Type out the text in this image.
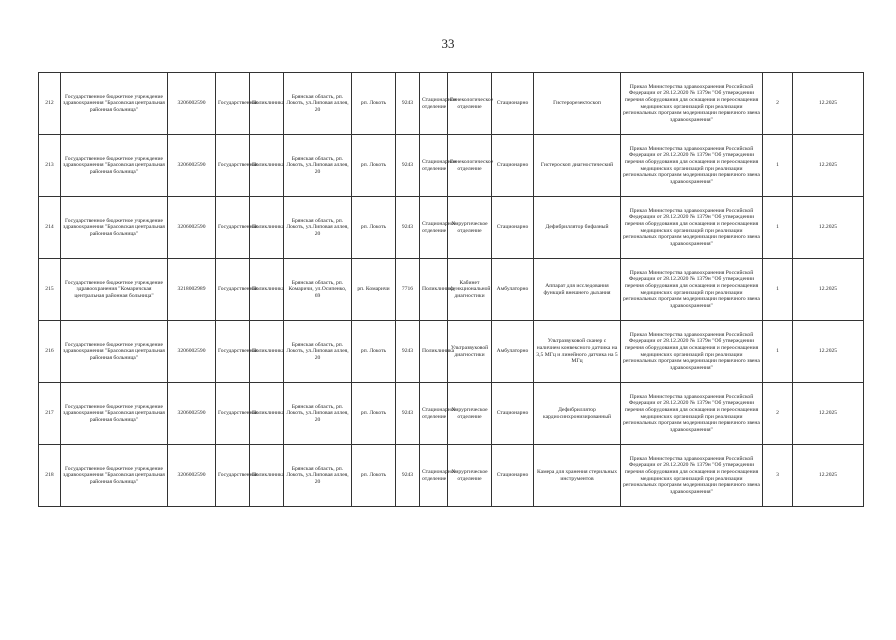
33
212	Государственное бюджетное учреждение здравоохранения "Брасовская центральная районная больница"	3206002590	Государственная	Поликлиника	Брянская область, рп. Локоть, ул.Липовая аллея, 20	рп. Локоть	9243	Стационарное отделение	Гинекологическое отделение	Стационарно	Гистерорезектоскоп	Приказ Министерства здравоохранения Российской Федерации от 28.12.2020 № 1379н "Об утверждении перечня оборудования для оснащения и переоснащения медицинских организаций при реализации региональных программ модернизации первичного звена здравоохранения"	2	12.2025
213	Государственное бюджетное учреждение здравоохранения "Брасовская центральная районная больница"	3206002590	Государственная	Поликлиника	Брянская область, рп. Локоть, ул.Липовая аллея, 20	рп. Локоть	9243	Стационарное отделение	Гинекологическое отделение	Стационарно	Гистероскоп диагностический	Приказ Министерства здравоохранения Российской Федерации от 28.12.2020 № 1379н "Об утверждении перечня оборудования для оснащения и переоснащения медицинских организаций при реализации региональных программ модернизации первичного звена здравоохранения"	1	12.2025
214	Государственное бюджетное учреждение здравоохранения "Брасовская центральная районная больница"	3206002590	Государственная	Поликлиника	Брянская область, рп. Локоть, ул.Липовая аллея, 20	рп. Локоть	9243	Стационарное отделение	Хирургическое отделение	Стационарно	Дефибриллятор бифазный	Приказ Министерства здравоохранения Российской Федерации от 28.12.2020 № 1379н "Об утверждении перечня оборудования для оснащения и переоснащения медицинских организаций при реализации региональных программ модернизации первичного звена здравоохранения"	1	12.2025
215	Государственное бюджетное учреждение здравоохранения "Комаричская центральная районная больница"	3218002989	Государственная	Поликлиника	Брянская область, рп. Комаричи, ул.Осипенко, 69	рп. Комаричи	7716	Поликлиника	Кабинет функциональной диагностики	Амбулаторно	Аппарат для исследования функций внешнего дыхания	Приказ Министерства здравоохранения Российской Федерации от 28.12.2020 № 1379н "Об утверждении перечня оборудования для оснащения и переоснащения медицинских организаций при реализации региональных программ модернизации первичного звена здравоохранения"	1	12.2025
216	Государственное бюджетное учреждение здравоохранения "Брасовская центральная районная больница"	3206002590	Государственная	Поликлиника	Брянская область, рп. Локоть, ул.Липовая аллея, 20	рп. Локоть	9243	Поликлиника	Ультразвуковой диагностики	Амбулаторно	Ультразвуковой сканер с наличием конвексного датчика на 3,5 МГц и линейного датчика на 5 МГц	Приказ Министерства здравоохранения Российской Федерации от 28.12.2020 № 1379н "Об утверждении перечня оборудования для оснащения и переоснащения медицинских организаций при реализации региональных программ модернизации первичного звена здравоохранения"	1	12.2025
217	Государственное бюджетное учреждение здравоохранения "Брасовская центральная районная больница"	3206002590	Государственная	Поликлиника	Брянская область, рп. Локоть, ул.Липовая аллея, 20	рп. Локоть	9243	Стационарное отделение	Хирургическое отделение	Стационарно	Дефибриллятор кардиосинхронизированный	Приказ Министерства здравоохранения Российской Федерации от 28.12.2020 № 1379н "Об утверждении перечня оборудования для оснащения и переоснащения медицинских организаций при реализации региональных программ модернизации первичного звена здравоохранения"	2	12.2025
218	Государственное бюджетное учреждение здравоохранения "Брасовская центральная районная больница"	3206002590	Государственная	Поликлиника	Брянская область, рп. Локоть, ул.Липовая аллея, 20	рп. Локоть	9243	Стационарное отделение	Хирургическое отделение	Стационарно	Камера для хранения стерильных инструментов	Приказ Министерства здравоохранения Российской Федерации от 28.12.2020 № 1379н "Об утверждении перечня оборудования для оснащения и переоснащения медицинских организаций при реализации региональных программ модернизации первичного звена здравоохранения"	3	12.2025
